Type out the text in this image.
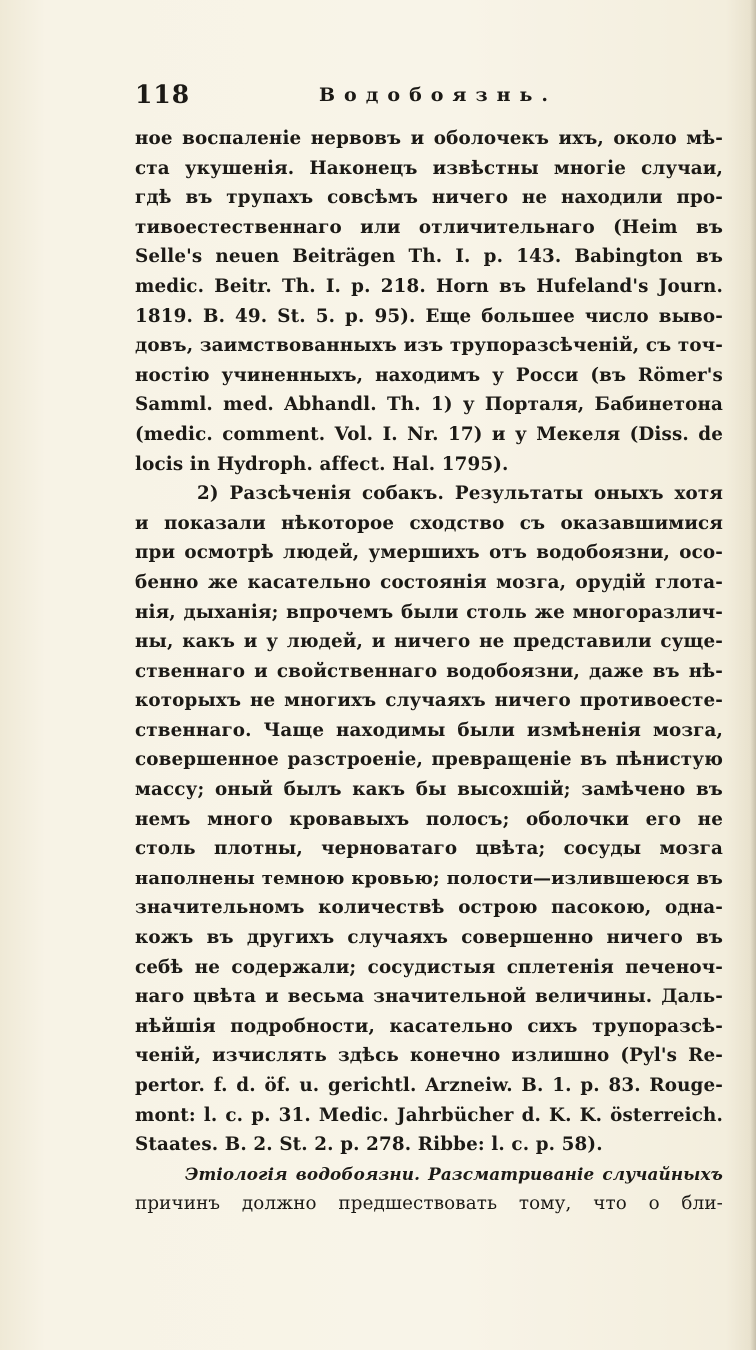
118	Водобоязнь.
ное воспаленіе нервовъ и оболочекъ ихъ, около мѣ-
ста укушенія. Наконецъ извѣстны многіе случаи,
гдѣ въ трупахъ совсѣмъ ничего не находили про-
тивоестественнаго или отличительнаго (Heim въ
Selle's neuen Beiträgen Th. I. p. 143. Babington въ
medic. Beitr. Th. I. p. 218. Horn въ Hufeland's Journ.
1819. B. 49. St. 5. p. 95). Еще большее число выво-
довъ, заимствованныхъ изъ трупоразсѣченій, съ точ-
ностію учиненныхъ, находимъ у Росси (въ Römer's
Samml. med. Abhandl. Th. 1) у Порталя, Бабинетона
(medic. comment. Vol. I. Nr. 17) и у Мекеля (Diss. de
locis in Hydroph. affect. Hal. 1795).
2) Разсѣченія собакъ. Результаты оныхъ хотя
и показали нѣкоторое сходство съ оказавшимися
при осмотрѣ людей, умершихъ отъ водобоязни, осо-
бенно же касательно состоянія мозга, орудій глота-
нія, дыханія; впрочемъ были столь же многоразлич-
ны, какъ и у людей, и ничего не представили суще-
ственнаго и свойственнаго водобоязни, даже въ нѣ-
которыхъ не многихъ случаяхъ ничего противоесте-
ственнаго. Чаще находимы были измѣненія мозга,
совершенное разстроеніе, превращеніе въ пѣнистую
массу; оный былъ какъ бы высохшій; замѣчено въ
немъ много кровавыхъ полосъ; оболочки его не
столь плотны, черноватаго цвѣта; сосуды мозга
наполнены темною кровью; полости—излившеюся въ
значительномъ количествѣ острою пасокою, одна-
кожъ въ другихъ случаяхъ совершенно ничего въ
себѣ не содержали; сосудистыя сплетенія печеноч-
наго цвѣта и весьма значительной величины. Даль-
нѣйшія подробности, касательно сихъ трупоразсѣ-
ченій, изчислять здѣсь конечно излишно (Pyl's Re-
pertor. f. d. öf. u. gerichtl. Arzneiw. B. 1. p. 83. Rouge-
mont: l. c. p. 31. Medic. Jahrbücher d. K. K. österreich.
Staates. B. 2. St. 2. p. 278. Ribbe: l. c. p. 58).
Этіологія водобоязни. Разсматриваніе случайныхъ
причинъ должно предшествовать тому, что о бли-
